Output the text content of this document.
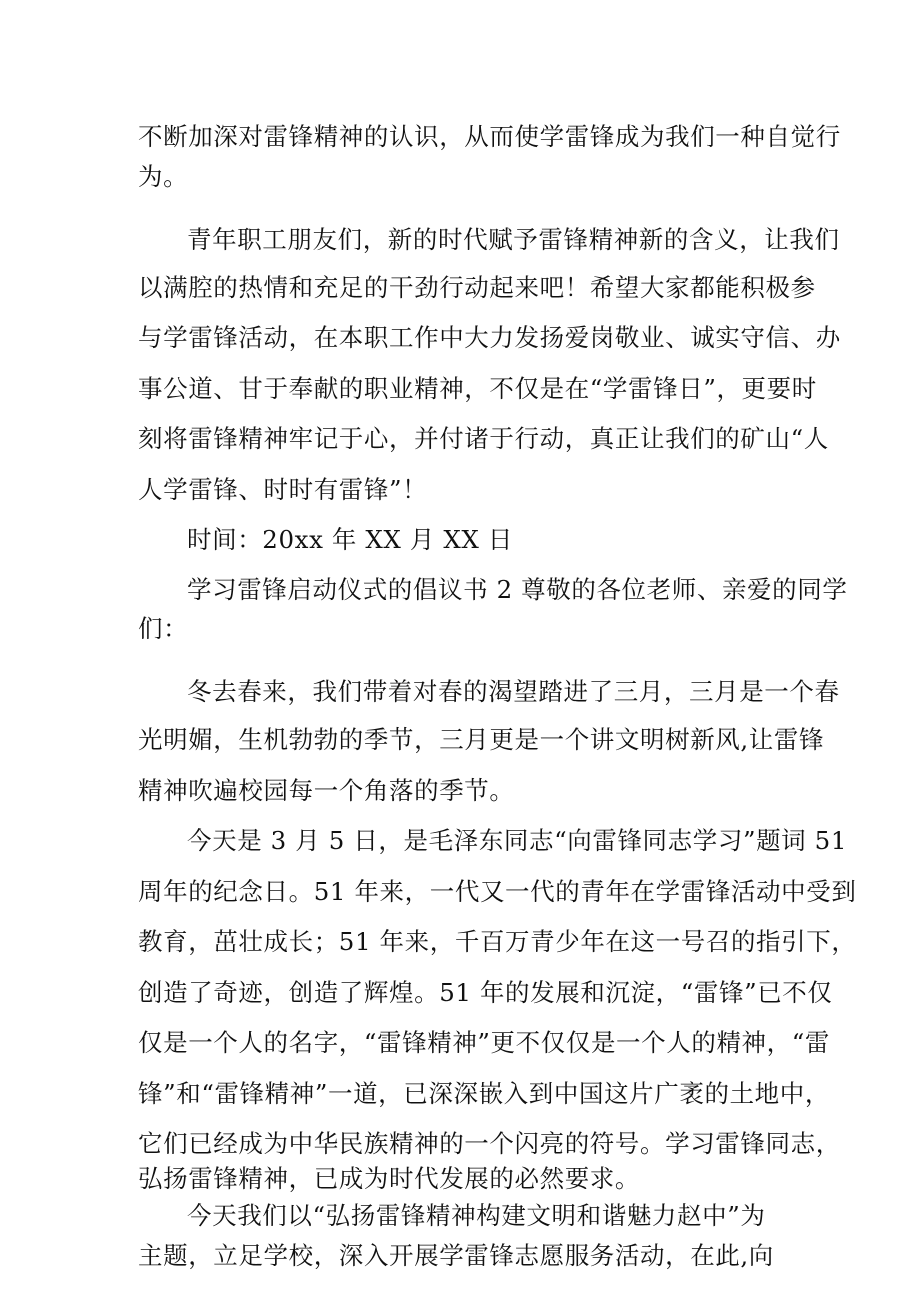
不断加深对雷锋精神的认识，从而使学雷锋成为我们一种自觉行
为。
青年职工朋友们，新的时代赋予雷锋精神新的含义，让我们
以满腔的热情和充足的干劲行动起来吧！希望大家都能积极参
与学雷锋活动，在本职工作中大力发扬爱岗敬业、诚实守信、办
事公道、甘于奉献的职业精神，不仅是在“学雷锋日”，更要时
刻将雷锋精神牢记于心，并付诸于行动，真正让我们的矿山“人
人学雷锋、时时有雷锋”！
时间：20xx 年 XX 月 XX 日
学习雷锋启动仪式的倡议书 2 尊敬的各位老师、亲爱的同学
们：
冬去春来，我们带着对春的渴望踏进了三月，三月是一个春
光明媚，生机勃勃的季节，三月更是一个讲文明树新风,让雷锋
精神吹遍校园每一个角落的季节。
今天是 3 月 5 日，是毛泽东同志“向雷锋同志学习”题词 51
周年的纪念日。51 年来，一代又一代的青年在学雷锋活动中受到
教育，茁壮成长；51 年来，千百万青少年在这一号召的指引下，
创造了奇迹，创造了辉煌。51 年的发展和沉淀，“雷锋”已不仅
仅是一个人的名字，“雷锋精神”更不仅仅是一个人的精神，“雷
锋”和“雷锋精神”一道，已深深嵌入到中国这片广袤的土地中，
它们已经成为中华民族精神的一个闪亮的符号。学习雷锋同志，
弘扬雷锋精神，已成为时代发展的必然要求。
今天我们以“弘扬雷锋精神构建文明和谐魅力赵中”为
主题，立足学校，深入开展学雷锋志愿服务活动，在此,向
